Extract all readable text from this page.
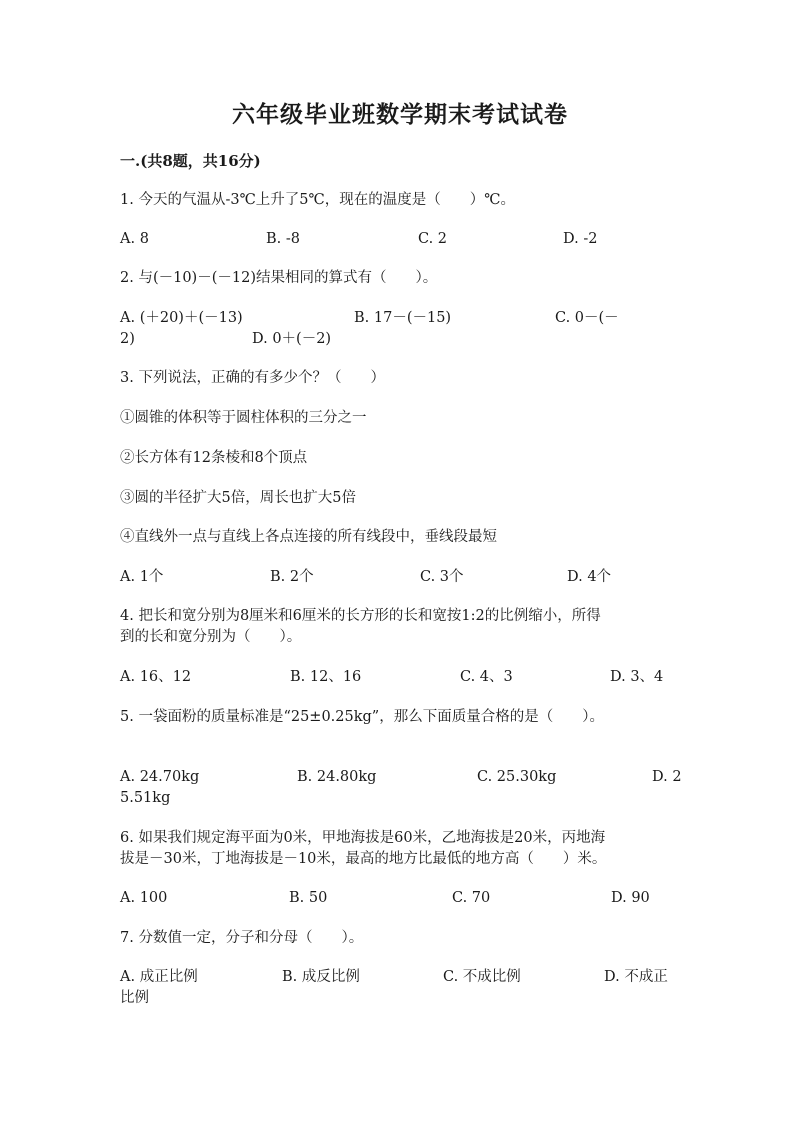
六年级毕业班数学期末考试试卷
一.(共8题，共16分)
1. 今天的气温从-3℃上升了5℃，现在的温度是（　　）℃。
A. 8	B. -8	C. 2	D. -2
2. 与(－10)－(－12)结果相同的算式有（　　）。
A. (＋20)＋(－13)	B. 17－(－15)	C. 0－(－
2)	D. 0＋(－2)
3. 下列说法，正确的有多少个？（　　）
①圆锥的体积等于圆柱体积的三分之一
②长方体有12条棱和8个顶点
③圆的半径扩大5倍，周长也扩大5倍
④直线外一点与直线上各点连接的所有线段中，垂线段最短
A. 1个	B. 2个	C. 3个	D. 4个
4. 把长和宽分别为8厘米和6厘米的长方形的长和宽按1:2的比例缩小，所得
到的长和宽分别为（　　）。
A. 16、12	B. 12、16	C. 4、3	D. 3、4
5. 一袋面粉的质量标准是“25±0.25kg”，那么下面质量合格的是（　　）。
A. 24.70kg	B. 24.80kg	C. 25.30kg	D. 2
5.51kg
6. 如果我们规定海平面为0米，甲地海拔是60米，乙地海拔是20米，丙地海
拔是－30米，丁地海拔是－10米，最高的地方比最低的地方高（　　）米。
A. 100	B. 50	C. 70	D. 90
7. 分数值一定，分子和分母（　　）。
A. 成正比例	B. 成反比例	C. 不成比例	D. 不成正
比例
